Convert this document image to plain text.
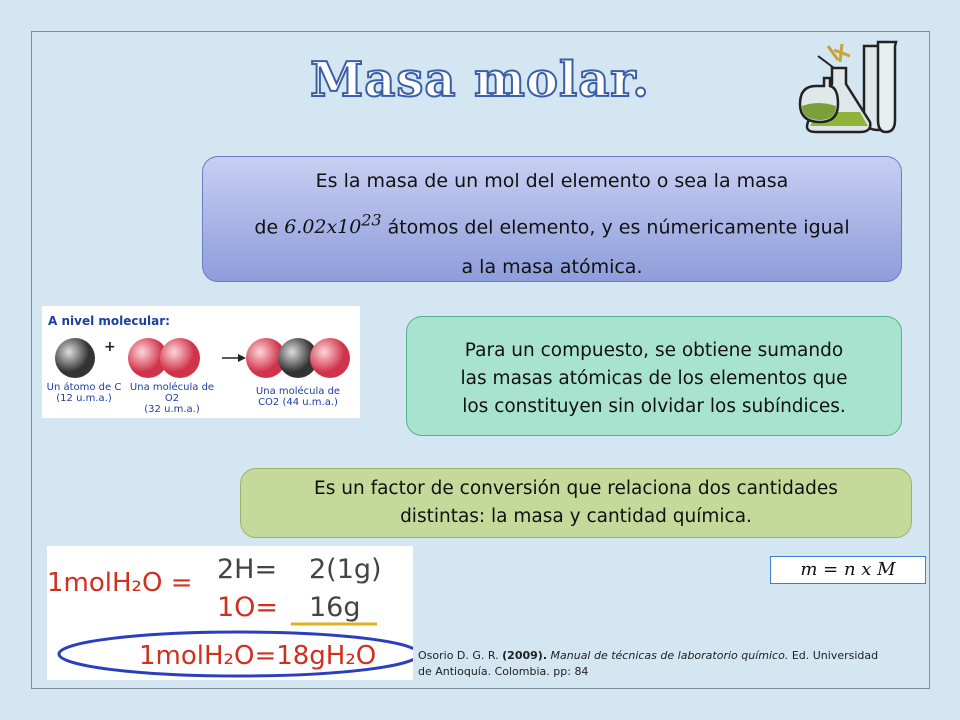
Masa molar.
Es la masa de un mol del elemento o sea la masa
de $6.02x10^{23}$ átomos del elemento, y es númericamente igual
a la masa atómica.
A nivel molecular:
+
Un átomo de C
(12 u.m.a.)
Una molécula de O2
(32 u.m.a.)
Una molécula de
CO2 (44 u.m.a.)
Para un compuesto, se obtiene sumando
las masas atómicas de los elementos que
los constituyen sin olvidar los subíndices.
Es un factor de conversión que relaciona dos cantidades
distintas: la masa y cantidad química.
1molH₂O = 2H= 2(1g)
1O= 16g
1molH₂O=18gH₂O
m = n x M
Osorio D. G. R. (2009). Manual de técnicas de laboratorio químico. Ed. Universidad
de Antioquía. Colombia. pp: 84
